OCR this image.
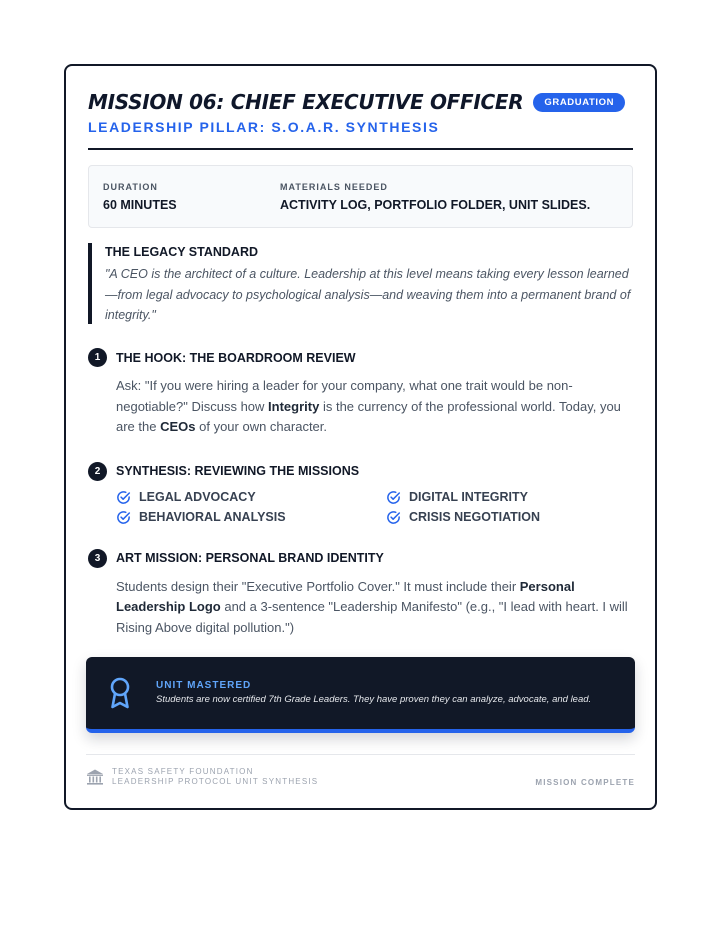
MISSION 06: CHIEF EXECUTIVE OFFICER	GRADUATION
LEADERSHIP PILLAR: S.O.A.R. SYNTHESIS
DURATION
60 MINUTES
MATERIALS NEEDED
ACTIVITY LOG, PORTFOLIO FOLDER, UNIT SLIDES.
THE LEGACY STANDARD
"A CEO is the architect of a culture. Leadership at this level means taking every lesson learned—from legal advocacy to psychological analysis—and weaving them into a permanent brand of integrity."
1	THE HOOK: THE BOARDROOM REVIEW

Ask: "If you were hiring a leader for your company, what one trait would be non-negotiable?" Discuss how Integrity is the currency of the professional world. Today, you are the CEOs of your own character.

2	SYNTHESIS: REVIEWING THE MISSIONS
LEGAL ADVOCACY	DIGITAL INTEGRITY
BEHAVIORAL ANALYSIS	CRISIS NEGOTIATION
3	ART MISSION: PERSONAL BRAND IDENTITY

Students design their "Executive Portfolio Cover." It must include their Personal Leadership Logo and a 3-sentence "Leadership Manifesto" (e.g., "I lead with heart. I will Rising Above digital pollution.")

UNIT MASTERED
Students are now certified 7th Grade Leaders. They have proven they can analyze, advocate, and lead.
TEXAS SAFETY FOUNDATION
LEADERSHIP PROTOCOL UNIT SYNTHESIS	MISSION COMPLETE
